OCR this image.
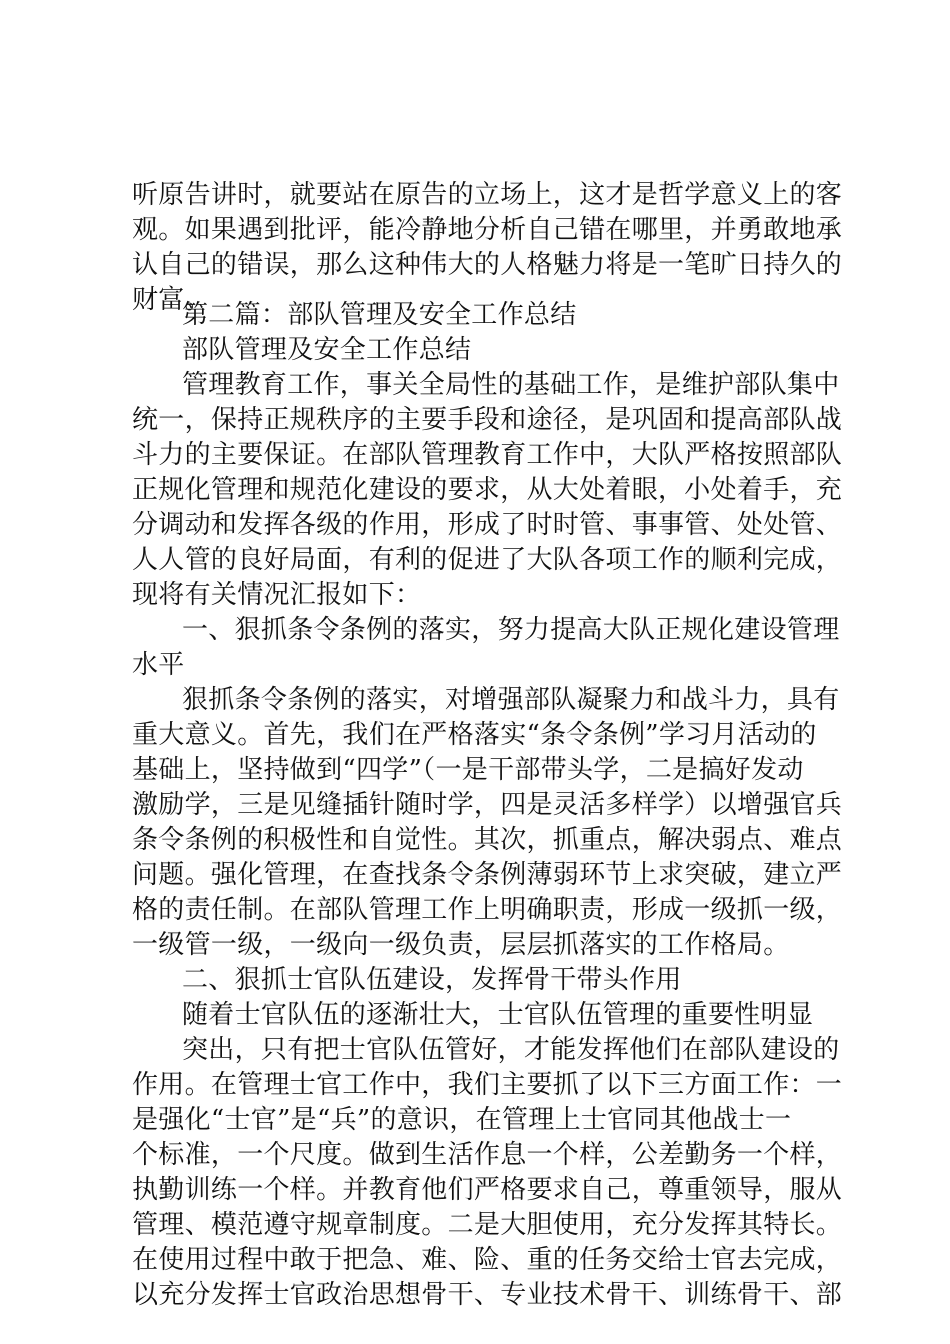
听原告讲时，就要站在原告的立场上，这才是哲学意义上的客
观。如果遇到批评，能冷静地分析自己错在哪里，并勇敢地承
认自己的错误，那么这种伟大的人格魅力将是一笔旷日持久的
财富。
第二篇：部队管理及安全工作总结
部队管理及安全工作总结
管理教育工作，事关全局性的基础工作，是维护部队集中
统一，保持正规秩序的主要手段和途径，是巩固和提高部队战
斗力的主要保证。在部队管理教育工作中，大队严格按照部队
正规化管理和规范化建设的要求，从大处着眼，小处着手，充
分调动和发挥各级的作用，形成了时时管、事事管、处处管、
人人管的良好局面，有利的促进了大队各项工作的顺利完成，
现将有关情况汇报如下：
一、狠抓条令条例的落实，努力提高大队正规化建设管理
水平
狠抓条令条例的落实，对增强部队凝聚力和战斗力，具有
重大意义。首先，我们在严格落实“条令条例”学习月活动的
基础上，坚持做到“四学”（一是干部带头学，二是搞好发动
激励学，三是见缝插针随时学，四是灵活多样学）以增强官兵
条令条例的积极性和自觉性。其次，抓重点，解决弱点、难点
问题。强化管理，在查找条令条例薄弱环节上求突破，建立严
格的责任制。在部队管理工作上明确职责，形成一级抓一级，
一级管一级，一级向一级负责，层层抓落实的工作格局。
二、狠抓士官队伍建设，发挥骨干带头作用
随着士官队伍的逐渐壮大，士官队伍管理的重要性明显
突出，只有把士官队伍管好，才能发挥他们在部队建设的
作用。在管理士官工作中，我们主要抓了以下三方面工作：一
是强化“士官”是“兵”的意识，在管理上士官同其他战士一
个标准，一个尺度。做到生活作息一个样，公差勤务一个样，
执勤训练一个样。并教育他们严格要求自己，尊重领导，服从
管理、模范遵守规章制度。二是大胆使用，充分发挥其特长。
在使用过程中敢于把急、难、险、重的任务交给士官去完成，
以充分发挥士官政治思想骨干、专业技术骨干、训练骨干、部
